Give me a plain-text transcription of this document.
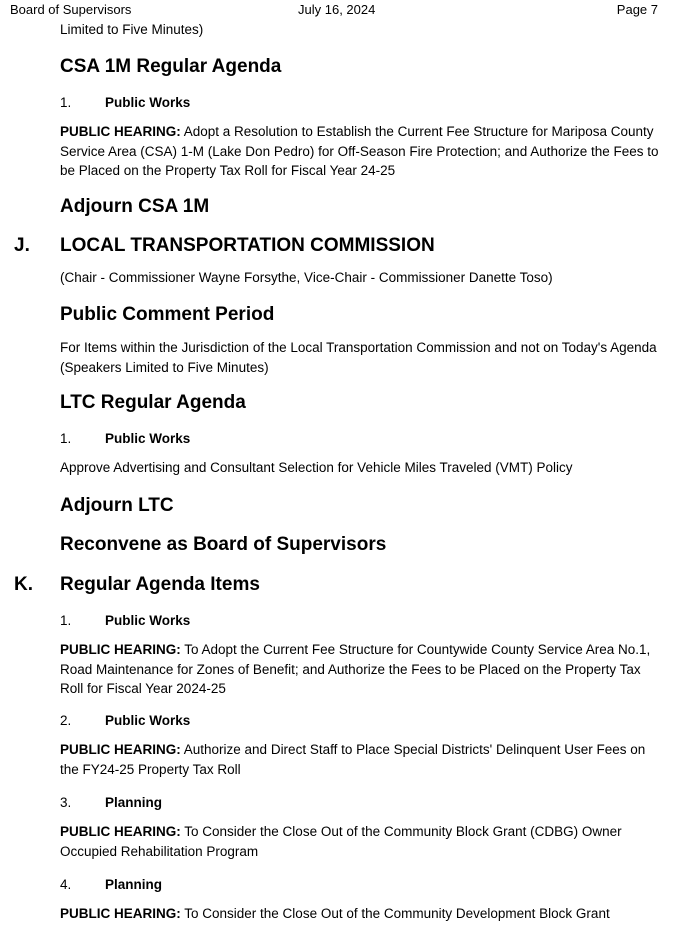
Board of Supervisors	July 16, 2024	Page 7
Limited to Five Minutes)
CSA 1M Regular Agenda
1. Public Works
PUBLIC HEARING: Adopt a Resolution to Establish the Current Fee Structure for Mariposa County Service Area (CSA) 1-M (Lake Don Pedro) for Off-Season Fire Protection; and Authorize the Fees to be Placed on the Property Tax Roll for Fiscal Year 24-25
Adjourn CSA 1M
J. LOCAL TRANSPORTATION COMMISSION
(Chair - Commissioner Wayne Forsythe, Vice-Chair - Commissioner Danette Toso)
Public Comment Period
For Items within the Jurisdiction of the Local Transportation Commission and not on Today's Agenda (Speakers Limited to Five Minutes)
LTC Regular Agenda
1. Public Works
Approve Advertising and Consultant Selection for Vehicle Miles Traveled (VMT) Policy
Adjourn LTC
Reconvene as Board of Supervisors
K. Regular Agenda Items
1. Public Works
PUBLIC HEARING: To Adopt the Current Fee Structure for Countywide County Service Area No.1, Road Maintenance for Zones of Benefit; and Authorize the Fees to be Placed on the Property Tax Roll for Fiscal Year 2024-25
2. Public Works
PUBLIC HEARING: Authorize and Direct Staff to Place Special Districts' Delinquent User Fees on the FY24-25 Property Tax Roll
3. Planning
PUBLIC HEARING: To Consider the Close Out of the Community Block Grant (CDBG) Owner Occupied Rehabilitation Program
4. Planning
PUBLIC HEARING: To Consider the Close Out of the Community Development Block Grant
